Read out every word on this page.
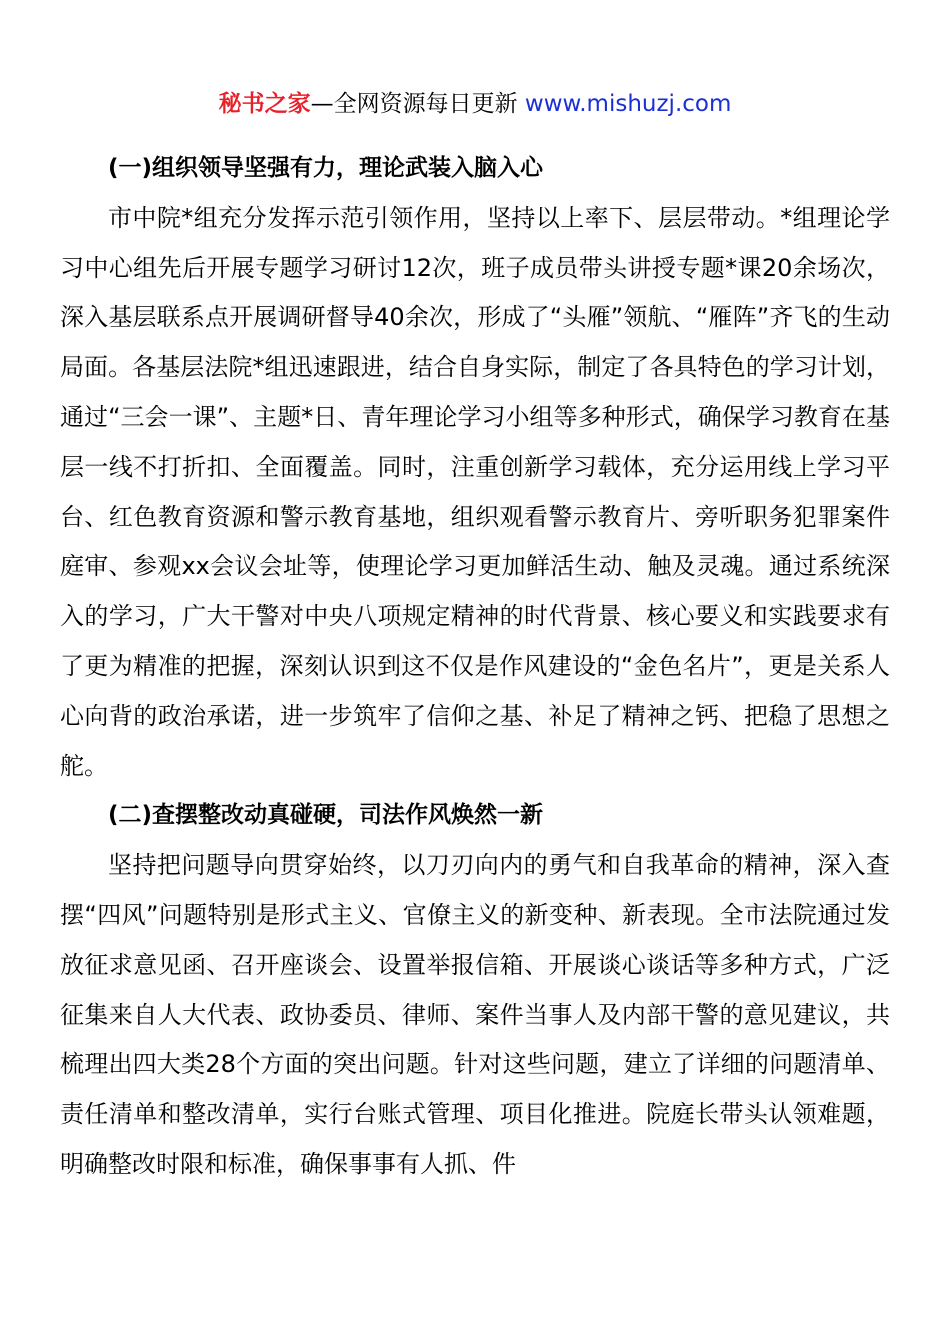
秘书之家—全网资源每日更新 www.mishuzj.com

(一)组织领导坚强有力，理论武装入脑入心

市中院*组充分发挥示范引领作用，坚持以上率下、层层带动。*组理论学习中心组先后开展专题学习研讨12次，班子成员带头讲授专题*课20余场次，深入基层联系点开展调研督导40余次，形成了“头雁”领航、“雁阵”齐飞的生动局面。各基层法院*组迅速跟进，结合自身实际，制定了各具特色的学习计划，通过“三会一课”、主题*日、青年理论学习小组等多种形式，确保学习教育在基层一线不打折扣、全面覆盖。同时，注重创新学习载体，充分运用线上学习平台、红色教育资源和警示教育基地，组织观看警示教育片、旁听职务犯罪案件庭审、参观xx会议会址等，使理论学习更加鲜活生动、触及灵魂。通过系统深入的学习，广大干警对中央八项规定精神的时代背景、核心要义和实践要求有了更为精准的把握，深刻认识到这不仅是作风建设的“金色名片”，更是关系人心向背的政治承诺，进一步筑牢了信仰之基、补足了精神之钙、把稳了思想之舵。

(二)查摆整改动真碰硬，司法作风焕然一新

坚持把问题导向贯穿始终，以刀刃向内的勇气和自我革命的精神，深入查摆“四风”问题特别是形式主义、官僚主义的新变种、新表现。全市法院通过发放征求意见函、召开座谈会、设置举报信箱、开展谈心谈话等多种方式，广泛征集来自人大代表、政协委员、律师、案件当事人及内部干警的意见建议，共梳理出四大类28个方面的突出问题。针对这些问题，建立了详细的问题清单、责任清单和整改清单，实行台账式管理、项目化推进。院庭长带头认领难题，明确整改时限和标准，确保事事有人抓、件
